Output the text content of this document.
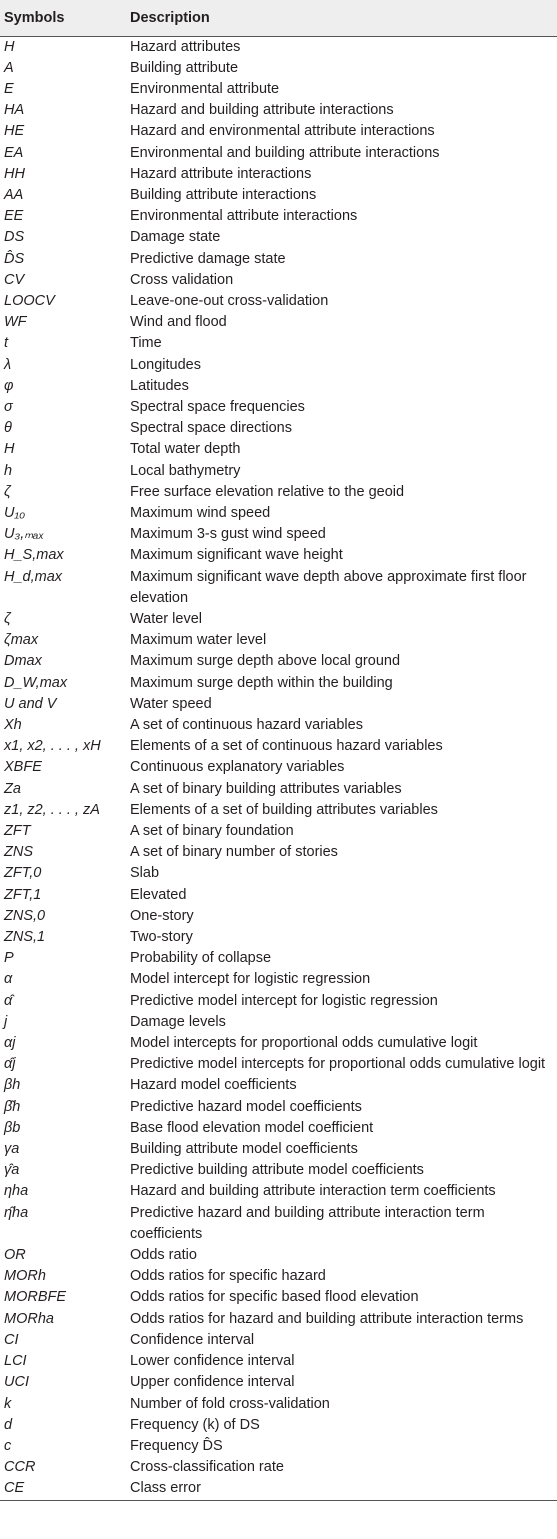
Symbols	Description
H	Hazard attributes
A	Building attribute
E	Environmental attribute
HA	Hazard and building attribute interactions
HE	Hazard and environmental attribute interactions
EA	Environmental and building attribute interactions
HH	Hazard attribute interactions
AA	Building attribute interactions
EE	Environmental attribute interactions
DS	Damage state
D̂S	Predictive damage state
CV	Cross validation
LOOCV	Leave-one-out cross-validation
WF	Wind and flood
t	Time
λ	Longitudes
φ	Latitudes
σ	Spectral space frequencies
θ	Spectral space directions
H	Total water depth
h	Local bathymetry
ζ	Free surface elevation relative to the geoid
U₁₀	Maximum wind speed
U₃,ₘₐₓ	Maximum 3-s gust wind speed
H_S,max	Maximum significant wave height
H_d,max	Maximum significant wave depth above approximate first floor elevation
ζ	Water level
ζmax	Maximum water level
Dmax	Maximum surge depth above local ground
D_W,max	Maximum surge depth within the building
U and V	Water speed
Xh	A set of continuous hazard variables
x1, x2, . . . , xH	Elements of a set of continuous hazard variables
XBFE	Continuous explanatory variables
Za	A set of binary building attributes variables
z1, z2, . . . , zA	Elements of a set of building attributes variables
ZFT	A set of binary foundation
ZNS	A set of binary number of stories
ZFT,0	Slab
ZFT,1	Elevated
ZNS,0	One-story
ZNS,1	Two-story
P	Probability of collapse
α	Model intercept for logistic regression
α̂	Predictive model intercept for logistic regression
j	Damage levels
αj	Model intercepts for proportional odds cumulative logit
α̂j	Predictive model intercepts for proportional odds cumulative logit
βh	Hazard model coefficients
β̂h	Predictive hazard model coefficients
βb	Base flood elevation model coefficient
γa	Building attribute model coefficients
γ̂a	Predictive building attribute model coefficients
ηha	Hazard and building attribute interaction term coefficients
η̂ha	Predictive hazard and building attribute interaction term coefficients
OR	Odds ratio
MORh	Odds ratios for specific hazard
MORBFE	Odds ratios for specific based flood elevation
MORha	Odds ratios for hazard and building attribute interaction terms
CI	Confidence interval
LCI	Lower confidence interval
UCI	Upper confidence interval
k	Number of fold cross-validation
d	Frequency (k) of DS
c	Frequency D̂S
CCR	Cross-classification rate
CE	Class error
